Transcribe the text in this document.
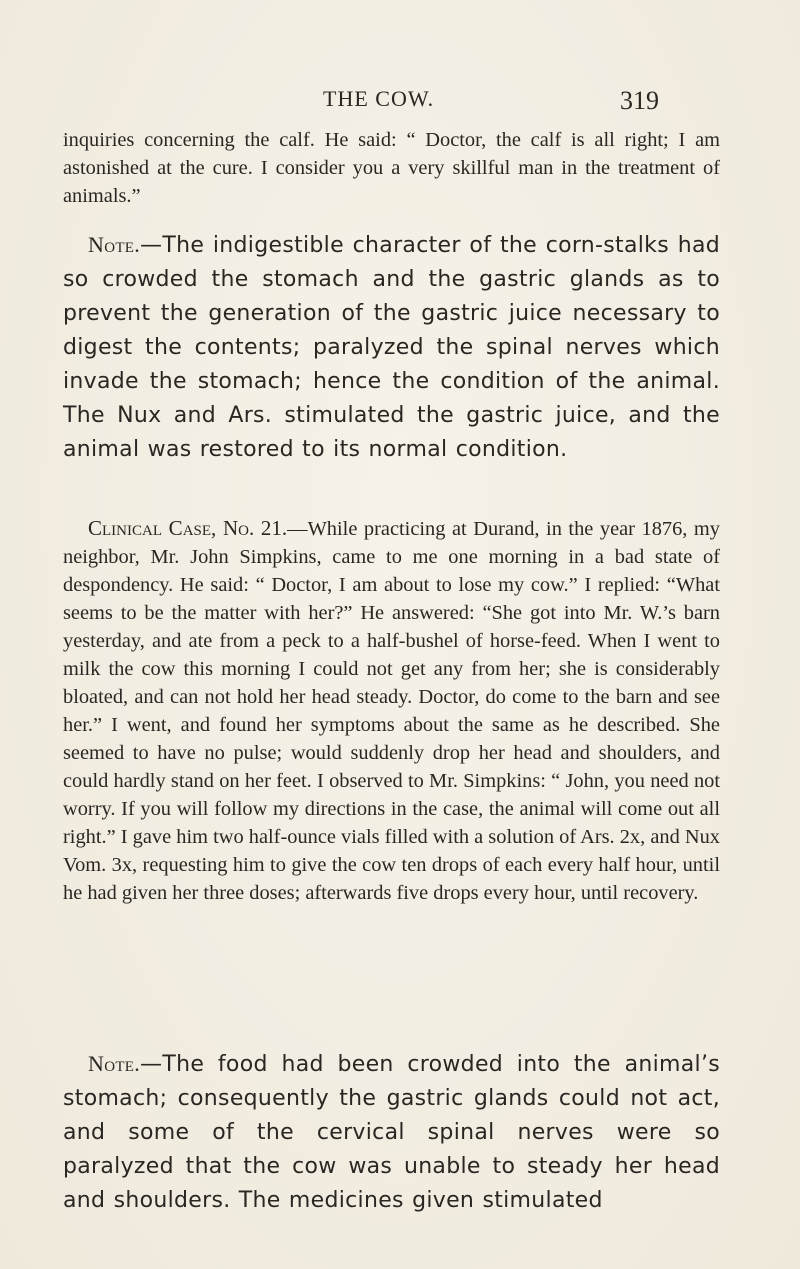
THE COW.	319

inquiries concerning the calf. He said: “ Doctor, the calf is all right; I am astonished at the cure. I consider you a very skillful man in the treatment of animals.”

Note.—The indigestible character of the corn-stalks had so crowded the stomach and the gastric glands as to prevent the generation of the gastric juice necessary to digest the contents; paralyzed the spinal nerves which invade the stomach; hence the condition of the animal. The Nux and Ars. stimulated the gastric juice, and the animal was restored to its normal condition.

Clinical Case, No. 21.—While practicing at Durand, in the year 1876, my neighbor, Mr. John Simpkins, came to me one morning in a bad state of despondency. He said: “ Doctor, I am about to lose my cow.” I replied: “What seems to be the matter with her?” He answered: “She got into Mr. W.’s barn yesterday, and ate from a peck to a half-bushel of horse-feed. When I went to milk the cow this morning I could not get any from her; she is considerably bloated, and can not hold her head steady. Doctor, do come to the barn and see her.” I went, and found her symptoms about the same as he described. She seemed to have no pulse; would suddenly drop her head and shoulders, and could hardly stand on her feet. I observed to Mr. Simpkins: “ John, you need not worry. If you will follow my directions in the case, the animal will come out all right.” I gave him two half-ounce vials filled with a solution of Ars. 2x, and Nux Vom. 3x, requesting him to give the cow ten drops of each every half hour, until he had given her three doses; afterwards five drops every hour, until recovery.

Note.—The food had been crowded into the animal’s stomach; consequently the gastric glands could not act, and some of the cervical spinal nerves were so paralyzed that the cow was unable to steady her head and shoulders. The medicines given stimulated
